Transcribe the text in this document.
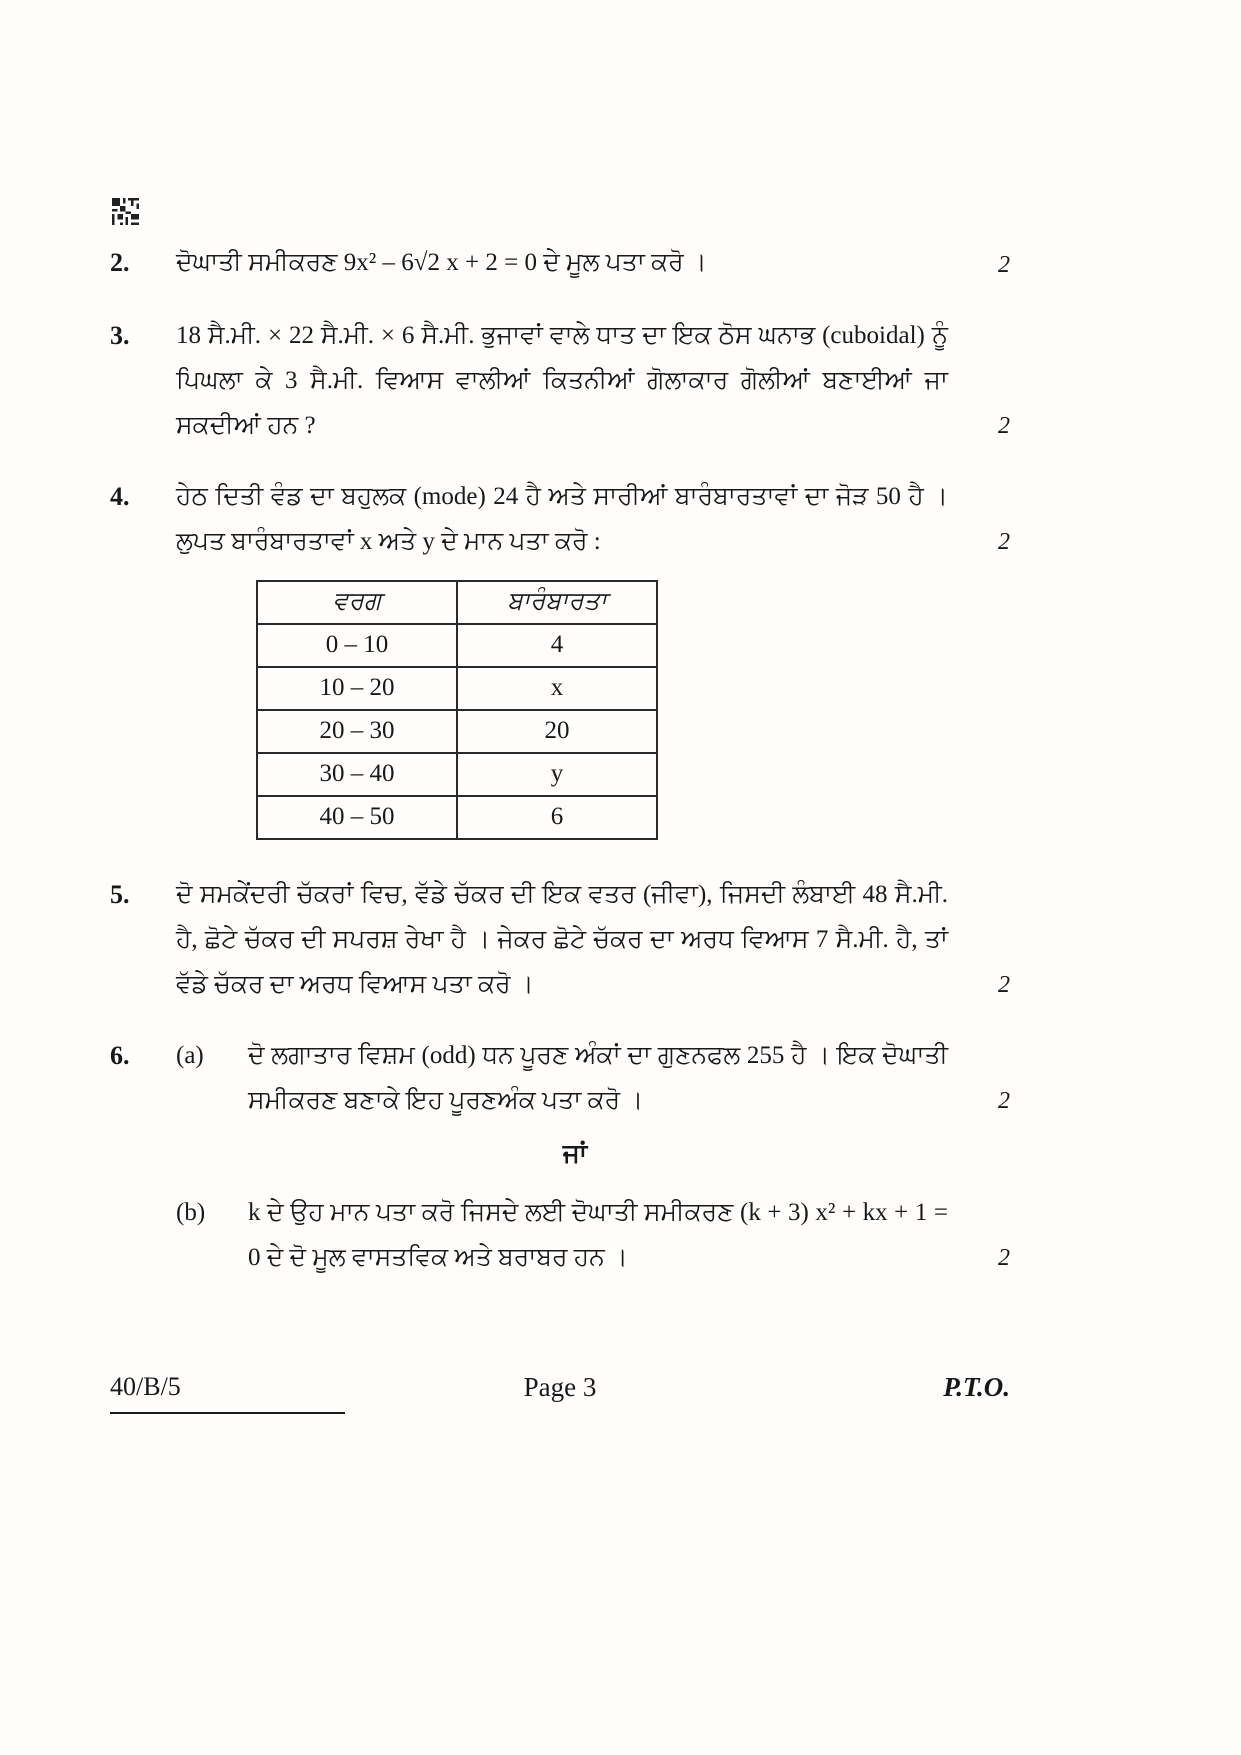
2.	ਦੋਘਾਤੀ ਸਮੀਕਰਣ 9x² – 6√2 x + 2 = 0 ਦੇ ਮੂਲ ਪਤਾ ਕਰੋ ।	2
3.	18 ਸੈ.ਮੀ. × 22 ਸੈ.ਮੀ. × 6 ਸੈ.ਮੀ. ਭੁਜਾਵਾਂ ਵਾਲੇ ਧਾਤ ਦਾ ਇਕ ਠੋਸ ਘਨਾਭ (cuboidal) ਨੂੰ ਪਿਘਲਾ ਕੇ 3 ਸੈ.ਮੀ. ਵਿਆਸ ਵਾਲੀਆਂ ਕਿਤਨੀਆਂ ਗੋਲਾਕਾਰ ਗੋਲੀਆਂ ਬਣਾਈਆਂ ਜਾ ਸਕਦੀਆਂ ਹਨ ?	2
4.	ਹੇਠ ਦਿਤੀ ਵੰਡ ਦਾ ਬਹੁਲਕ (mode) 24 ਹੈ ਅਤੇ ਸਾਰੀਆਂ ਬਾਰੰਬਾਰਤਾਵਾਂ ਦਾ ਜੋੜ 50 ਹੈ । ਲੁਪਤ ਬਾਰੰਬਾਰਤਾਵਾਂ x ਅਤੇ y ਦੇ ਮਾਨ ਪਤਾ ਕਰੋ :	2
ਵਰਗ	ਬਾਰੰਬਾਰਤਾ
0 – 10	4
10 – 20	x
20 – 30	20
30 – 40	y
40 – 50	6
5.	ਦੋ ਸਮਕੇਂਦਰੀ ਚੱਕਰਾਂ ਵਿਚ, ਵੱਡੇ ਚੱਕਰ ਦੀ ਇਕ ਵਤਰ (ਜੀਵਾ), ਜਿਸਦੀ ਲੰਬਾਈ 48 ਸੈ.ਮੀ. ਹੈ, ਛੋਟੇ ਚੱਕਰ ਦੀ ਸਪਰਸ਼ ਰੇਖਾ ਹੈ । ਜੇਕਰ ਛੋਟੇ ਚੱਕਰ ਦਾ ਅਰਧ ਵਿਆਸ 7 ਸੈ.ਮੀ. ਹੈ, ਤਾਂ ਵੱਡੇ ਚੱਕਰ ਦਾ ਅਰਧ ਵਿਆਸ ਪਤਾ ਕਰੋ ।	2
6.	(a)	ਦੋ ਲਗਾਤਾਰ ਵਿਸ਼ਮ (odd) ਧਨ ਪੂਰਣ ਅੰਕਾਂ ਦਾ ਗੁਣਨਫਲ 255 ਹੈ । ਇਕ ਦੋਘਾਤੀ ਸਮੀਕਰਣ ਬਣਾਕੇ ਇਹ ਪੂਰਣਅੰਕ ਪਤਾ ਕਰੋ ।	2
ਜਾਂ
(b)	k ਦੇ ਉਹ ਮਾਨ ਪਤਾ ਕਰੋ ਜਿਸਦੇ ਲਈ ਦੋਘਾਤੀ ਸਮੀਕਰਣ (k + 3) x² + kx + 1 = 0 ਦੇ ਦੋ ਮੂਲ ਵਾਸਤਵਿਕ ਅਤੇ ਬਰਾਬਰ ਹਨ ।	2
40/B/5	Page 3	P.T.O.
